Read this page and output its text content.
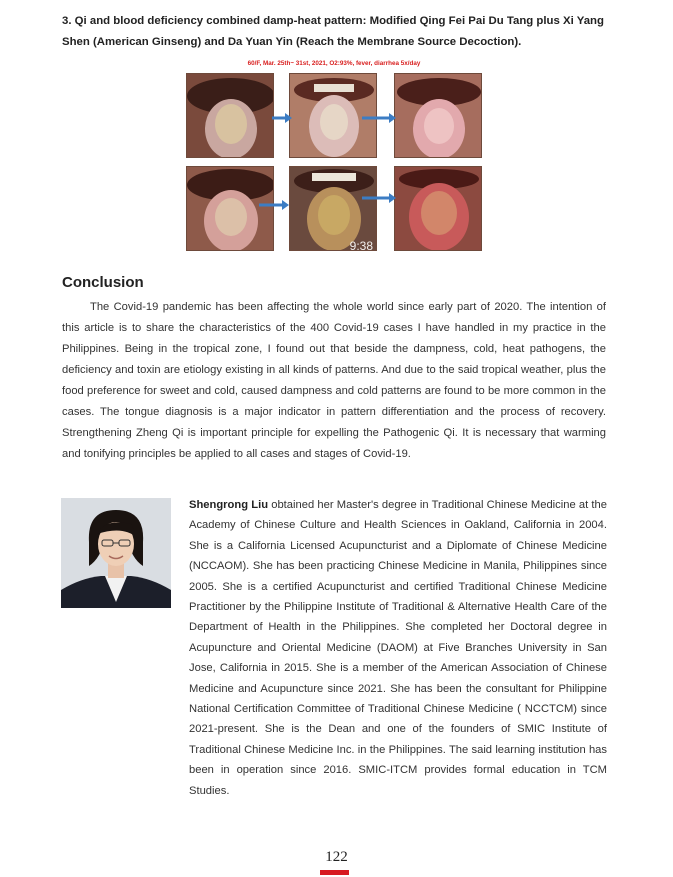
3. Qi and blood deficiency combined damp-heat pattern: Modified Qing Fei Pai Du Tang plus Xi Yang Shen (American Ginseng) and Da Yuan Yin (Reach the Membrane Source Decoction).
60/F, Mar. 25th~ 31st, 2021, O2:93%, fever, diarrhea 5x/day
9:38
Conclusion

The Covid-19 pandemic has been affecting the whole world since early part of 2020. The intention of this article is to share the characteristics of the 400 Covid-19 cases I have handled in my practice in the Philippines. Being in the tropical zone, I found out that beside the dampness, cold, heat pathogens, the deficiency and toxin are etiology existing in all kinds of patterns. And due to the said tropical weather, plus the food preference for sweet and cold, caused dampness and cold patterns are found to be more common in the cases. The tongue diagnosis is a major indicator in pattern differentiation and the process of recovery. Strengthening Zheng Qi is important principle for expelling the Pathogenic Qi. It is necessary that warming and tonifying principles be applied to all cases and stages of Covid-19.

Shengrong Liu obtained her Master's degree in Traditional Chinese Medicine at the Academy of Chinese Culture and Health Sciences in Oakland, California in 2004. She is a California Licensed Acupuncturist and a Diplomate of Chinese Medicine (NCCAOM). She has been practicing Chinese Medicine in Manila, Philippines since 2005. She is a certified Acupuncturist and certified Traditional Chinese Medicine Practitioner by the Philippine Institute of Traditional & Alternative Health Care of the Department of Health in the Philippines. She completed her Doctoral degree in Acupuncture and Oriental Medicine (DAOM) at Five Branches University in San Jose, California in 2015. She is a member of the American Association of Chinese Medicine and Acupuncture since 2021. She has been the consultant for Philippine National Certification Committee of Traditional Chinese Medicine ( NCCTCM) since 2021-present. She is the Dean and one of the founders of SMIC Institute of Traditional Chinese Medicine Inc. in the Philippines. The said learning institution has been in operation since 2016. SMIC-ITCM provides formal education in TCM Studies.

122
